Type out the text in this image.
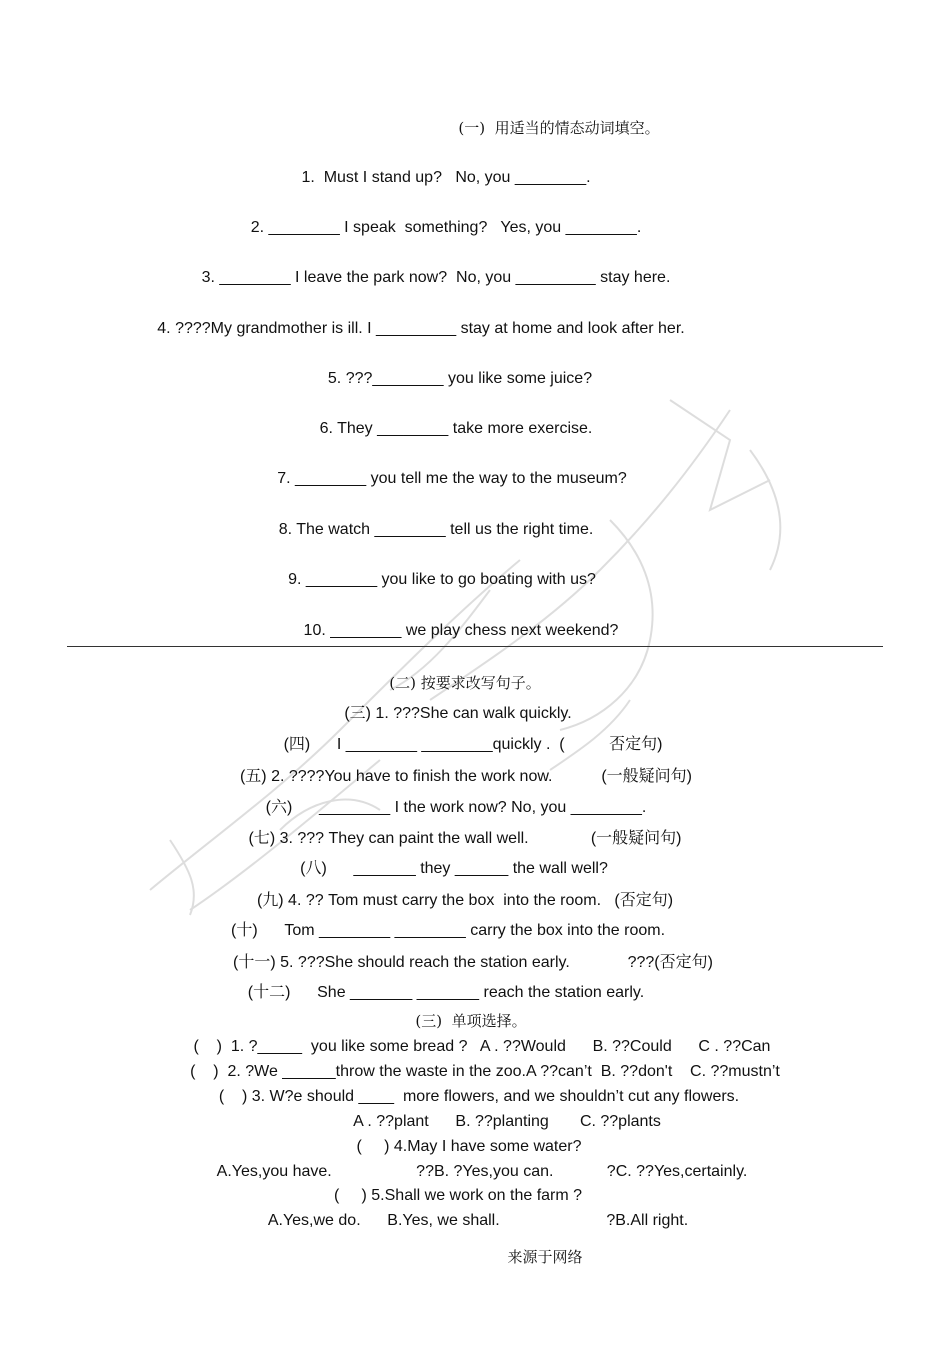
(一)  用适当的情态动词填空。
1.  Must I stand up?   No, you ________.
2. ________ I speak  something?   Yes, you ________.
3. ________ I leave the park now?  No, you _________ stay here.
4. ????My grandmother is ill. I _________ stay at home and look after her.
5. ???________ you like some juice?
6. They ________ take more exercise.
7. ________ you tell me the way to the museum?
8. The watch ________ tell us the right time.
9. ________ you like to go boating with us?
10. ________ we play chess next weekend?
(二) 按要求改写句子。
(三) 1. ???She can walk quickly.
(四)      I ________ ________quickly .  (          否定句)
(五) 2. ????You have to finish the work now.           (一般疑问句)
(六)      ________ I the work now? No, you ________.
(七) 3. ??? They can paint the wall well.              (一般疑问句)
(八)      _______ they ______ the wall well?
(九) 4. ?? Tom must carry the box  into the room.   (否定句)
(十)      Tom ________ ________ carry the box into the room.
(十一) 5. ???She should reach the station early.             ???(否定句)
(十二)      She _______ _______ reach the station early.
(三)  单项选择。
(    )  1. ?_____  you like some bread ?   A . ??Would      B. ??Could      C . ??Can
(    )  2. ?We ______throw the waste in the zoo.A ??can’t  B. ??don't    C. ??mustn’t
(    ) 3. W?e should ____  more flowers, and we shouldn’t cut any flowers.
A . ??plant      B. ??planting       C. ??plants
(     ) 4.May I have some water?
A.Yes,you have.                   ??B. ?Yes,you can.            ?C. ??Yes,certainly.
(     ) 5.Shall we work on the farm ?
A.Yes,we do.      B.Yes, we shall.                        ?B.All right.
来源于网络
